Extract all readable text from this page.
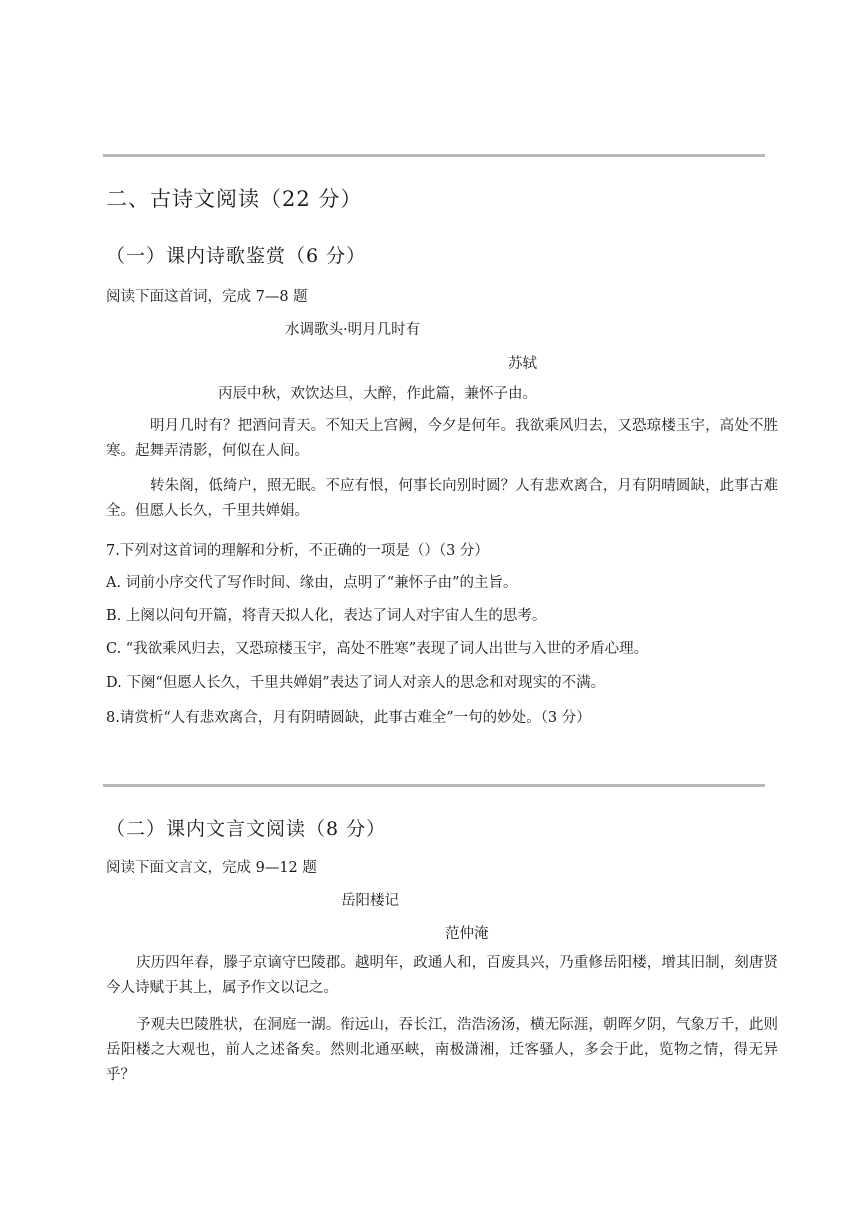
二、古诗文阅读（22 分）
（一）课内诗歌鉴赏（6 分）
阅读下面这首词，完成 7—8 题
水调歌头·明月几时有
苏轼
丙辰中秋，欢饮达旦，大醉，作此篇，兼怀子由。
明月几时有？把酒问青天。不知天上宫阙，今夕是何年。我欲乘风归去，又恐琼楼玉宇，高处不胜寒。起舞弄清影，何似在人间。
转朱阁，低绮户，照无眠。不应有恨，何事长向别时圆？人有悲欢离合，月有阴晴圆缺，此事古难全。但愿人长久，千里共婵娟。
7.下列对这首词的理解和分析，不正确的一项是（）（3 分）
A. 词前小序交代了写作时间、缘由，点明了“兼怀子由”的主旨。
B. 上阕以问句开篇，将青天拟人化，表达了词人对宇宙人生的思考。
C. “我欲乘风归去，又恐琼楼玉宇，高处不胜寒”表现了词人出世与入世的矛盾心理。
D. 下阕“但愿人长久，千里共婵娟”表达了词人对亲人的思念和对现实的不满。
8.请赏析“人有悲欢离合，月有阴晴圆缺，此事古难全”一句的妙处。（3 分）
（二）课内文言文阅读（8 分）
阅读下面文言文，完成 9—12 题
岳阳楼记
范仲淹
庆历四年春，滕子京谪守巴陵郡。越明年，政通人和，百废具兴，乃重修岳阳楼，增其旧制，刻唐贤今人诗赋于其上，属予作文以记之。
予观夫巴陵胜状，在洞庭一湖。衔远山，吞长江，浩浩汤汤，横无际涯，朝晖夕阴，气象万千，此则岳阳楼之大观也，前人之述备矣。然则北通巫峡，南极潇湘，迁客骚人，多会于此，览物之情，得无异乎？
